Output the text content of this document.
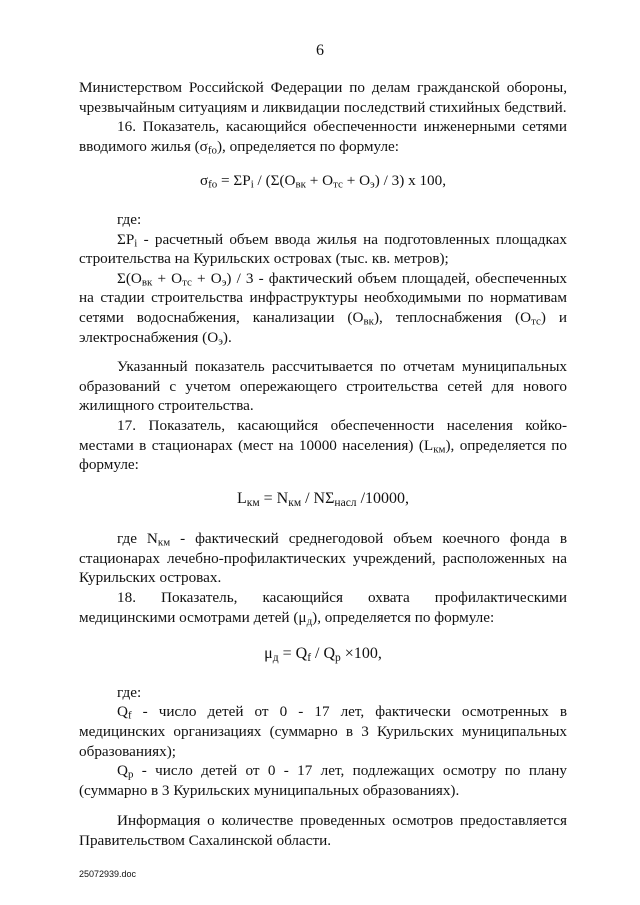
6

Министерством Российской Федерации по делам гражданской обороны, чрезвычайным ситуациям и ликвидации последствий стихийных бедствий.

16. Показатель, касающийся обеспеченности инженерными сетями вводимого жилья $(\sigma_{fo})$, определяется по формуле:

$\sigma_{fo} = \Sigma P_i / (\Sigma(O_{вк} + O_{тс} + O_э) / 3)$ x 100,

где:

$\Sigma P_i$ - расчетный объем ввода жилья на подготовленных площадках строительства на Курильских островах (тыс. кв. метров);

$\Sigma(O_{вк} + O_{тс} + O_э) / 3$ - фактический объем площадей, обеспеченных на стадии строительства инфраструктуры необходимыми по нормативам сетями водоснабжения, канализации $(O_{вк})$, теплоснабжения $(O_{тс})$ и электроснабжения $(O_э)$.

Указанный показатель рассчитывается по отчетам муниципальных образований с учетом опережающего строительства сетей для нового жилищного строительства.

17. Показатель, касающийся обеспеченности населения койко-местами в стационарах (мест на 10000 населения) $(L_{км})$, определяется по формуле:

$L_{км} = N_{км} / N\Sigma_{насл}$ /10000,

где $N_{км}$ - фактический среднегодовой объем коечного фонда в стационарах лечебно-профилактических учреждений, расположенных на Курильских островах.

18. Показатель, касающийся охвата профилактическими медицинскими осмотрами детей $(\mu_д)$, определяется по формуле:

$\mu_д = Q_f / Q_p \times 100$,

где:

$Q_f$ - число детей от 0 - 17 лет, фактически осмотренных в медицинских организациях (суммарно в 3 Курильских муниципальных образованиях);

$Q_p$ - число детей от 0 - 17 лет, подлежащих осмотру по плану (суммарно в 3 Курильских муниципальных образованиях).

Информация о количестве проведенных осмотров предоставляется Правительством Сахалинской области.

25072939.doc
